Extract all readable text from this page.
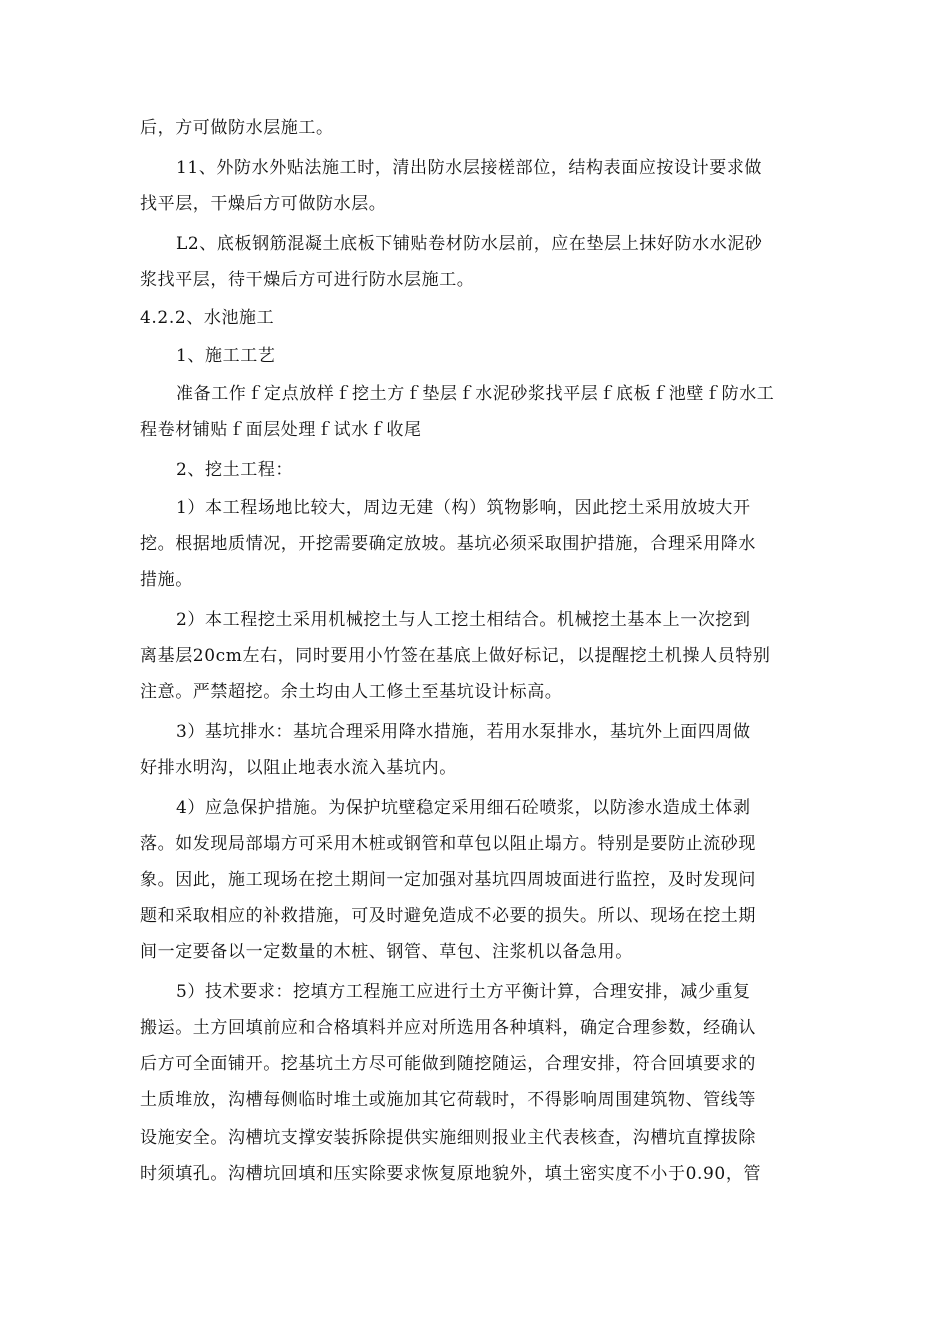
后，方可做防水层施工。
11、外防水外贴法施工时，清出防水层接槎部位，结构表面应按设计要求做
找平层，干燥后方可做防水层。
L2、底板钢筋混凝土底板下铺贴卷材防水层前，应在垫层上抹好防水水泥砂
浆找平层，待干燥后方可进行防水层施工。
4.2.2、水池施工
1、施工工艺
准备工作ｆ定点放样ｆ挖土方ｆ垫层ｆ水泥砂浆找平层ｆ底板ｆ池壁ｆ防水工
程卷材铺贴ｆ面层处理ｆ试水ｆ收尾
2、挖土工程：
1）本工程场地比较大，周边无建（构）筑物影响，因此挖土采用放坡大开
挖。根据地质情况，开挖需要确定放坡。基坑必须采取围护措施，合理采用降水
措施。
2）本工程挖土采用机械挖土与人工挖土相结合。机械挖土基本上一次挖到
离基层20cm左右，同时要用小竹签在基底上做好标记，以提醒挖土机操人员特别
注意。严禁超挖。余土均由人工修土至基坑设计标高。
3）基坑排水：基坑合理采用降水措施，若用水泵排水，基坑外上面四周做
好排水明沟，以阻止地表水流入基坑内。
4）应急保护措施。为保护坑壁稳定采用细石砼喷浆，以防渗水造成土体剥
落。如发现局部塌方可采用木桩或钢管和草包以阻止塌方。特别是要防止流砂现
象。因此，施工现场在挖土期间一定加强对基坑四周坡面进行监控，及时发现问
题和采取相应的补救措施，可及时避免造成不必要的损失。所以、现场在挖土期
间一定要备以一定数量的木桩、钢管、草包、注浆机以备急用。
5）技术要求：挖填方工程施工应进行土方平衡计算，合理安排，减少重复
搬运。土方回填前应和合格填料并应对所选用各种填料，确定合理参数，经确认
后方可全面铺开。挖基坑土方尽可能做到随挖随运，合理安排，符合回填要求的
土质堆放，沟槽每侧临时堆土或施加其它荷载时，不得影响周围建筑物、管线等
设施安全。沟槽坑支撑安装拆除提供实施细则报业主代表核查，沟槽坑直撑拔除
时须填孔。沟槽坑回填和压实除要求恢复原地貌外，填土密实度不小于0.90，管
